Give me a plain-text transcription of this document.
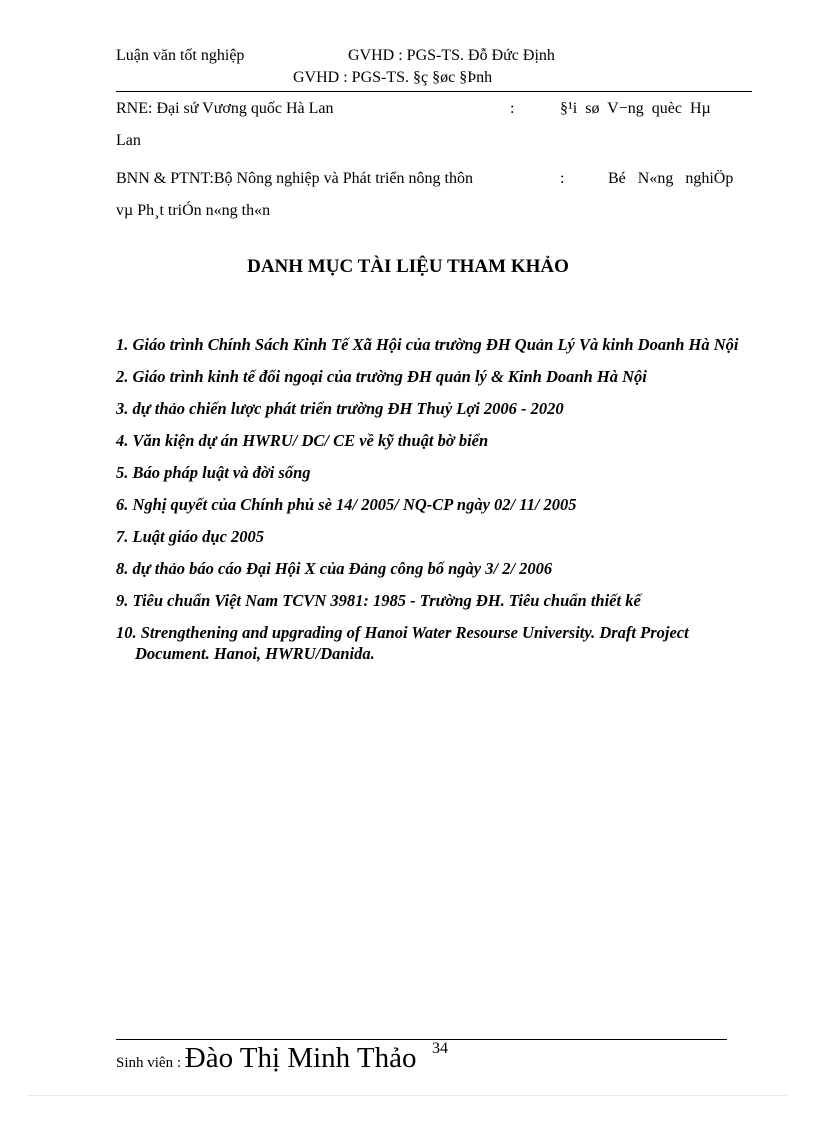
Luận văn tốt nghiệp	GVHD : PGS-TS. Đỗ Đức Định
GVHD : PGS-TS. §ç §øc §Þnh
RNE: Đại sứ Vương quốc Hà Lan	:	§¹i sø V−ng quèc Hµ
Lan
BNN & PTNT:Bộ Nông nghiệp và Phát triển nông thôn	:	Bé N«ng nghiÖp
vµ Ph¸t triÓn n«ng th«n
DANH MỤC TÀI LIỆU THAM KHẢO
1. Giáo trình Chính Sách Kinh Tế Xã Hội của trường ĐH Quản Lý Và kinh Doanh Hà Nội
2. Giáo trình kinh tế đối ngoại của trường ĐH quản lý & Kinh Doanh Hà Nội
3. dự thảo chiến lược phát triển trường ĐH Thuỷ Lợi 2006 - 2020
4. Văn kiện dự án HWRU/ DC/ CE về kỹ thuật bờ biển
5. Báo pháp luật và đời sống
6. Nghị quyết của Chính phủ sè 14/ 2005/ NQ-CP ngày 02/ 11/ 2005
7. Luật giáo dục 2005
8. dự thảo báo cáo Đại Hội X của Đảng công bố ngày 3/ 2/ 2006
9. Tiêu chuẩn Việt Nam TCVN 3981: 1985 - Trường ĐH. Tiêu chuẩn thiết kế
10. Strengthening and upgrading of Hanoi Water Resourse University. Draft Project Document. Hanoi, HWRU/Danida.
34
Sinh viên : Đào Thị Minh Thảo
